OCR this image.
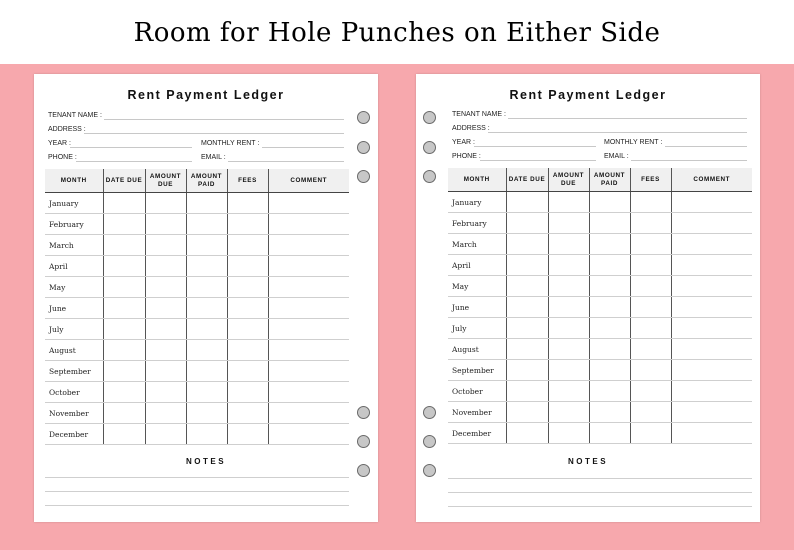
Room for Hole Punches on Either Side
Rent Payment Ledger
TENANT NAME :
ADDRESS :
YEAR :	MONTHLY RENT :
PHONE :	EMAIL :
MONTH	DATE DUE	AMOUNT DUE	AMOUNT PAID	FEES	COMMENT
January					
February					
March					
April					
May					
June					
July					
August					
September					
October					
November					
December					
NOTES
Rent Payment Ledger
TENANT NAME :
ADDRESS :
YEAR :	MONTHLY RENT :
PHONE :	EMAIL :
MONTH	DATE DUE	AMOUNT DUE	AMOUNT PAID	FEES	COMMENT
January					
February					
March					
April					
May					
June					
July					
August					
September					
October					
November					
December					
NOTES
